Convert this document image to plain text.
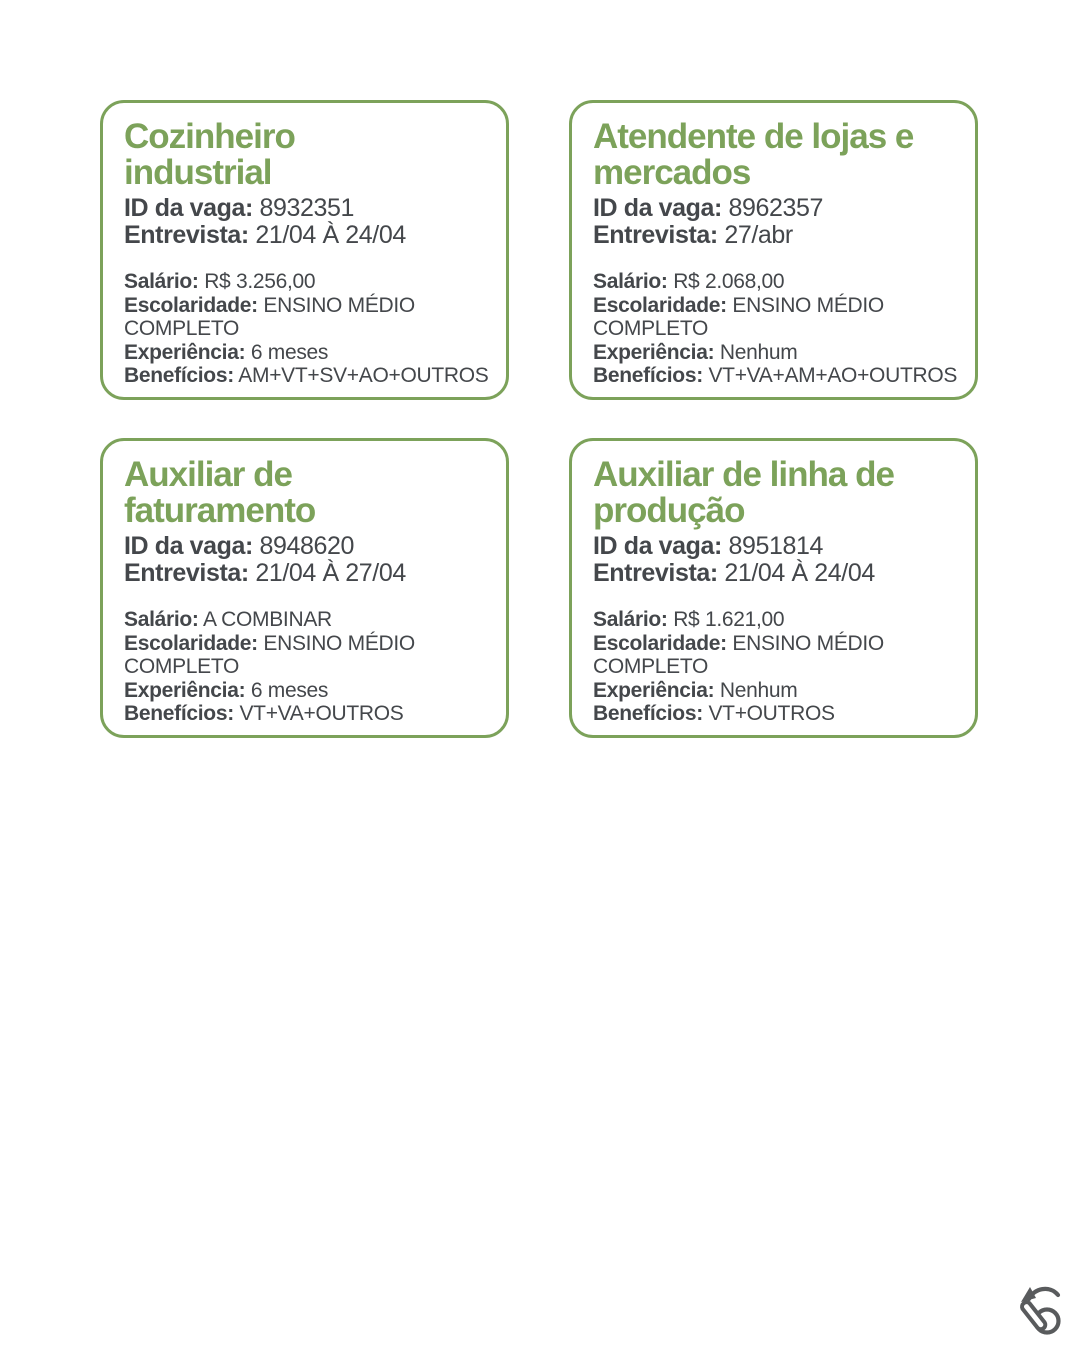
Cozinheiro
industrial
ID da vaga: 8932351
Entrevista: 21/04 À 24/04
Salário: R$ 3.256,00
Escolaridade: ENSINO MÉDIO COMPLETO
Experiência: 6 meses
Benefícios: AM+VT+SV+AO+OUTROS
Atendente de lojas e
mercados
ID da vaga: 8962357
Entrevista: 27/abr
Salário: R$ 2.068,00
Escolaridade: ENSINO MÉDIO COMPLETO
Experiência: Nenhum
Benefícios: VT+VA+AM+AO+OUTROS
Auxiliar de
faturamento
ID da vaga: 8948620
Entrevista: 21/04 À 27/04
Salário: A COMBINAR
Escolaridade: ENSINO MÉDIO COMPLETO
Experiência: 6 meses
Benefícios: VT+VA+OUTROS
Auxiliar de linha de
produção
ID da vaga: 8951814
Entrevista: 21/04 À 24/04
Salário: R$ 1.621,00
Escolaridade: ENSINO MÉDIO COMPLETO
Experiência: Nenhum
Benefícios: VT+OUTROS
